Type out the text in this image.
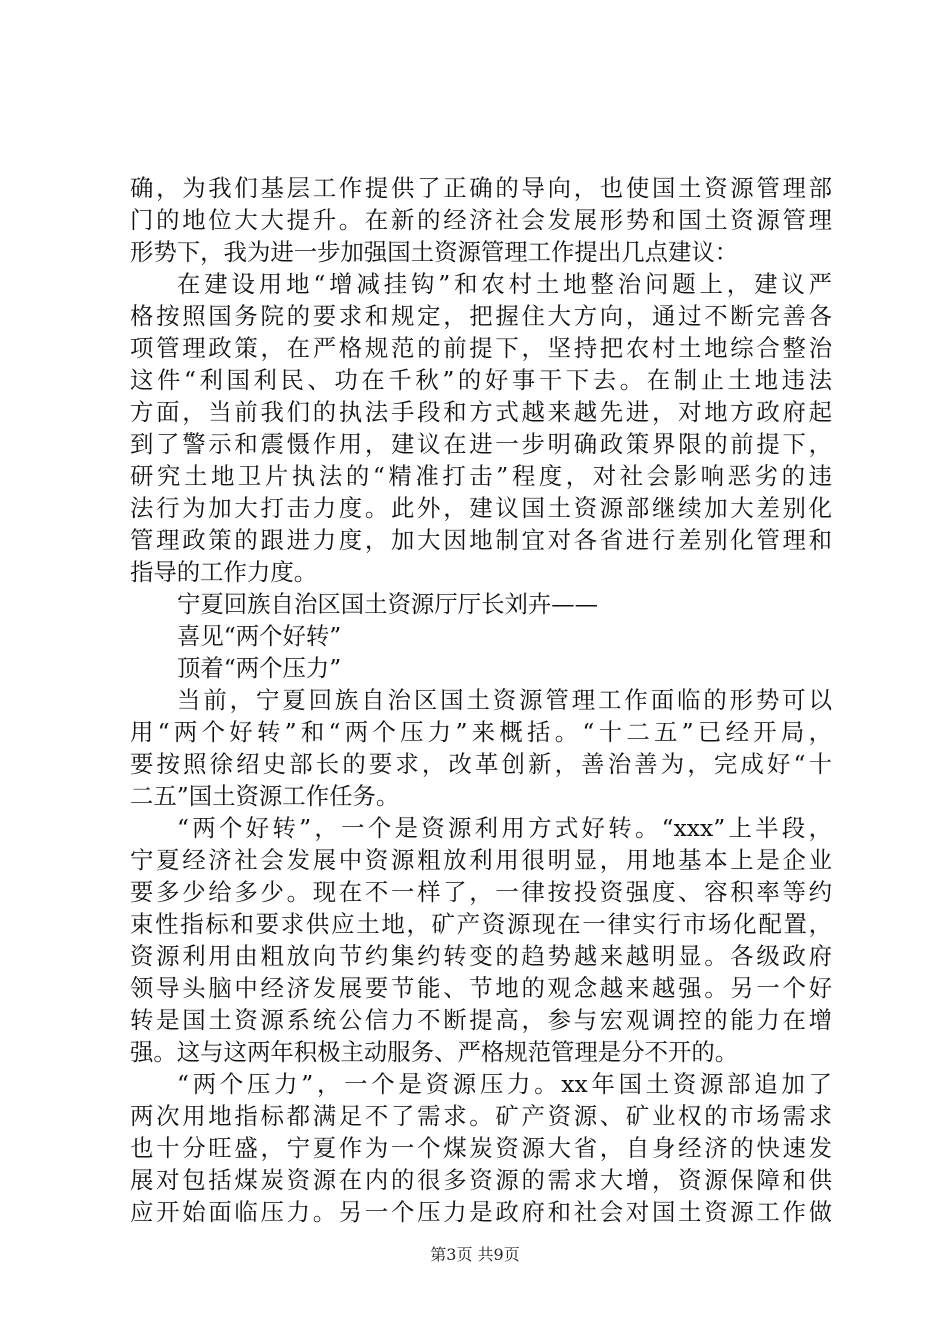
确，为我们基层工作提供了正确的导向，也使国土资源管理部
门的地位大大提升。在新的经济社会发展形势和国土资源管理
形势下，我为进一步加强国土资源管理工作提出几点建议：
在建设用地“增减挂钩”和农村土地整治问题上，建议严
格按照国务院的要求和规定，把握住大方向，通过不断完善各
项管理政策，在严格规范的前提下，坚持把农村土地综合整治
这件“利国利民、功在千秋”的好事干下去。在制止土地违法
方面，当前我们的执法手段和方式越来越先进，对地方政府起
到了警示和震慑作用，建议在进一步明确政策界限的前提下，
研究土地卫片执法的“精准打击”程度，对社会影响恶劣的违
法行为加大打击力度。此外，建议国土资源部继续加大差别化
管理政策的跟进力度，加大因地制宜对各省进行差别化管理和
指导的工作力度。
宁夏回族自治区国土资源厅厅长刘卉——
喜见“两个好转”
顶着“两个压力”
当前，宁夏回族自治区国土资源管理工作面临的形势可以
用“两个好转”和“两个压力”来概括。“十二五”已经开局，
要按照徐绍史部长的要求，改革创新，善治善为，完成好“十
二五”国土资源工作任务。
“两个好转”，一个是资源利用方式好转。“xxx”上半段，
宁夏经济社会发展中资源粗放利用很明显，用地基本上是企业
要多少给多少。现在不一样了，一律按投资强度、容积率等约
束性指标和要求供应土地，矿产资源现在一律实行市场化配置，
资源利用由粗放向节约集约转变的趋势越来越明显。各级政府
领导头脑中经济发展要节能、节地的观念越来越强。另一个好
转是国土资源系统公信力不断提高，参与宏观调控的能力在增
强。这与这两年积极主动服务、严格规范管理是分不开的。
“两个压力”，一个是资源压力。xx年国土资源部追加了
两次用地指标都满足不了需求。矿产资源、矿业权的市场需求
也十分旺盛，宁夏作为一个煤炭资源大省，自身经济的快速发
展对包括煤炭资源在内的很多资源的需求大增，资源保障和供
应开始面临压力。另一个压力是政府和社会对国土资源工作做
第3页 共9页
